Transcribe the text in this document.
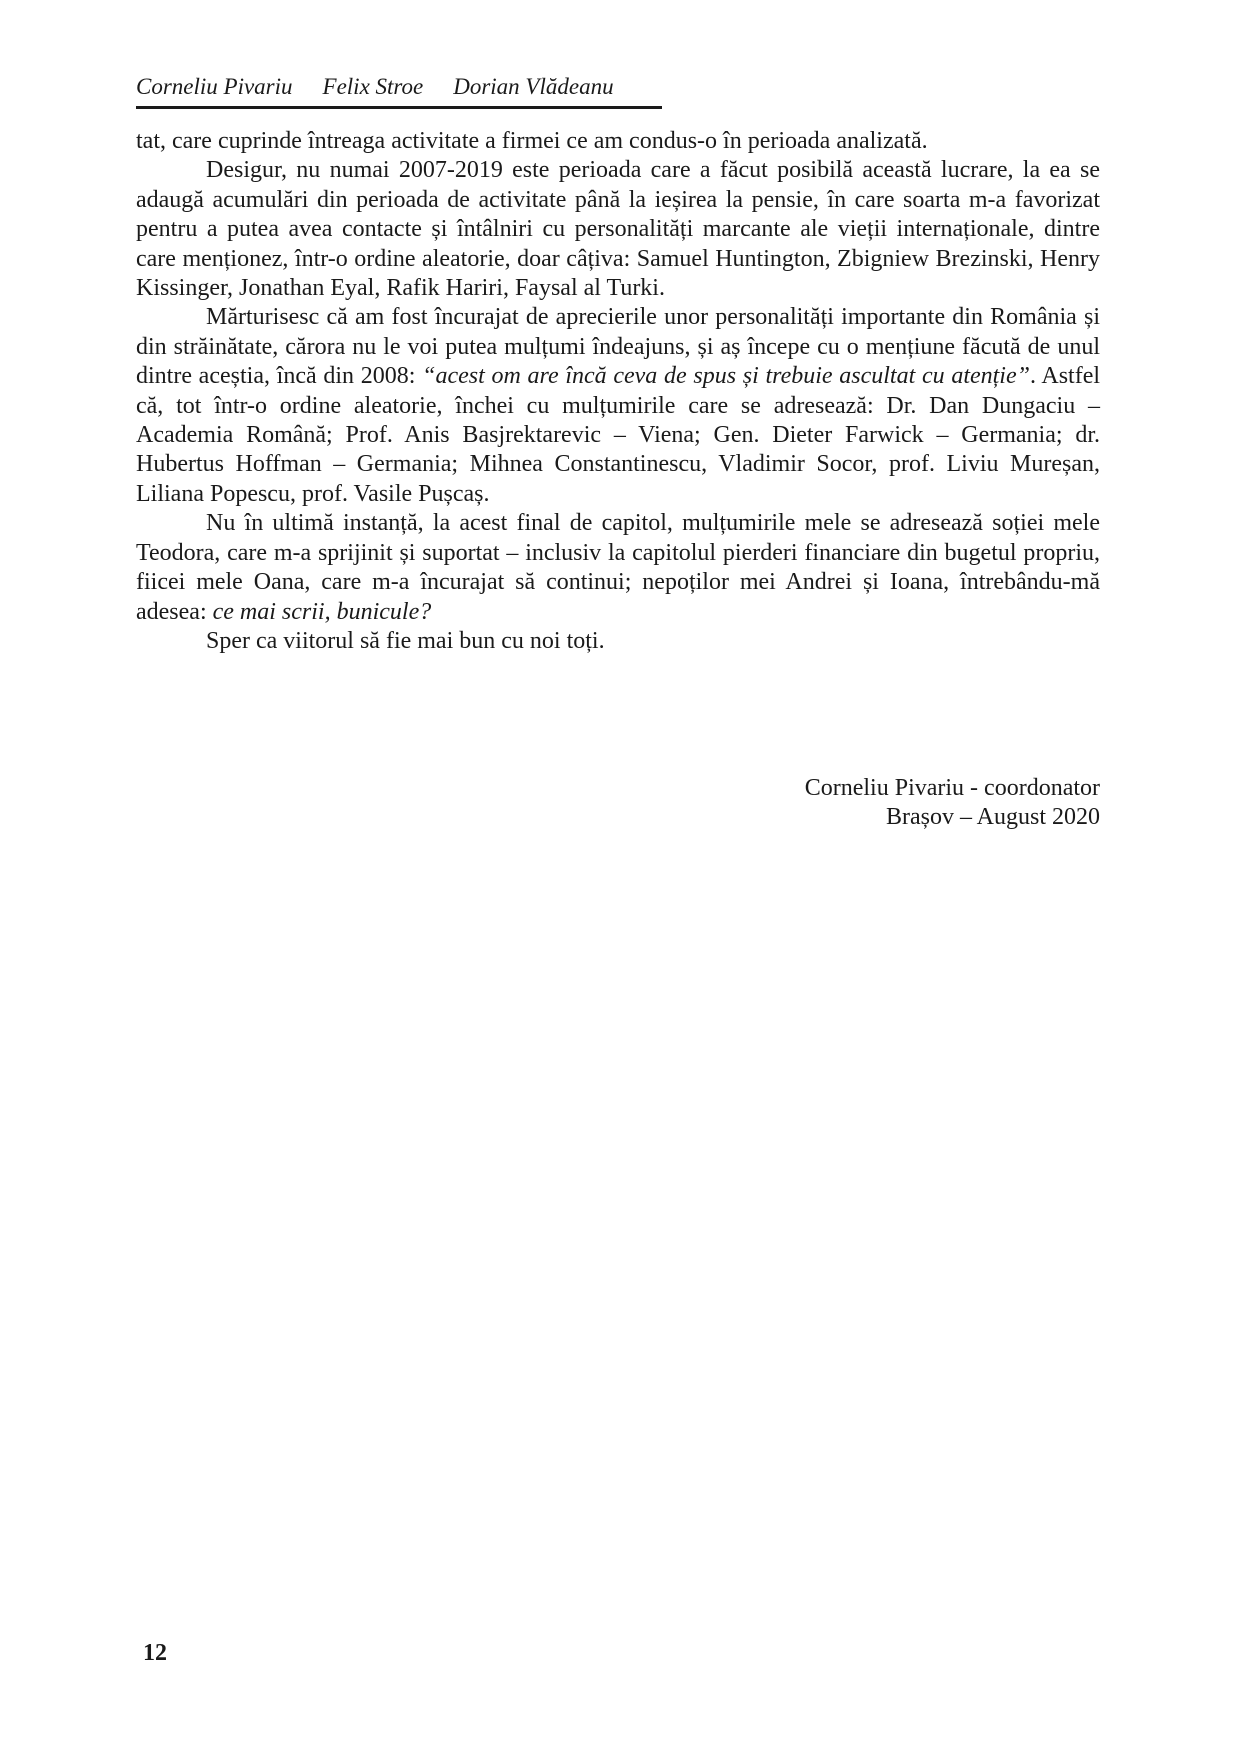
Corneliu Pivariu Felix Stroe Dorian Vlădeanu

tat, care cuprinde întreaga activitate a firmei ce am condus-o în perioada analizată.

Desigur, nu numai 2007-2019 este perioada care a făcut posibilă această lucrare, la ea se adaugă acumulări din perioada de activitate până la ieșirea la pensie, în care soarta m-a favorizat pentru a putea avea contacte și întâlniri cu personalități marcante ale vieții internaționale, dintre care menționez, într-o ordine aleatorie, doar câțiva: Samuel Huntington, Zbigniew Brezinski, Henry Kissinger, Jonathan Eyal, Rafik Hariri, Faysal al Turki.

Mărturisesc că am fost încurajat de aprecierile unor personalități importante din România și din străinătate, cărora nu le voi putea mulțumi îndeajuns, și aș începe cu o mențiune făcută de unul dintre aceștia, încă din 2008: “acest om are încă ceva de spus și trebuie ascultat cu atenție”. Astfel că, tot într-o ordine aleatorie, închei cu mulțumirile care se adresează: Dr. Dan Dungaciu – Academia Română; Prof. Anis Basjrektarevic – Viena; Gen. Dieter Farwick – Germania; dr. Hubertus Hoffman – Germania; Mihnea Constantinescu, Vladimir Socor, prof. Liviu Mureșan, Liliana Popescu, prof. Vasile Pușcaș.

Nu în ultimă instanță, la acest final de capitol, mulțumirile mele se adresează soției mele Teodora, care m-a sprijinit și suportat – inclusiv la capitolul pierderi financiare din bugetul propriu, fiicei mele Oana, care m-a încurajat să continui; nepoților mei Andrei și Ioana, întrebându-mă adesea: ce mai scrii, bunicule?

Sper ca viitorul să fie mai bun cu noi toți.

Corneliu Pivariu - coordonator
Brașov – August 2020
12
